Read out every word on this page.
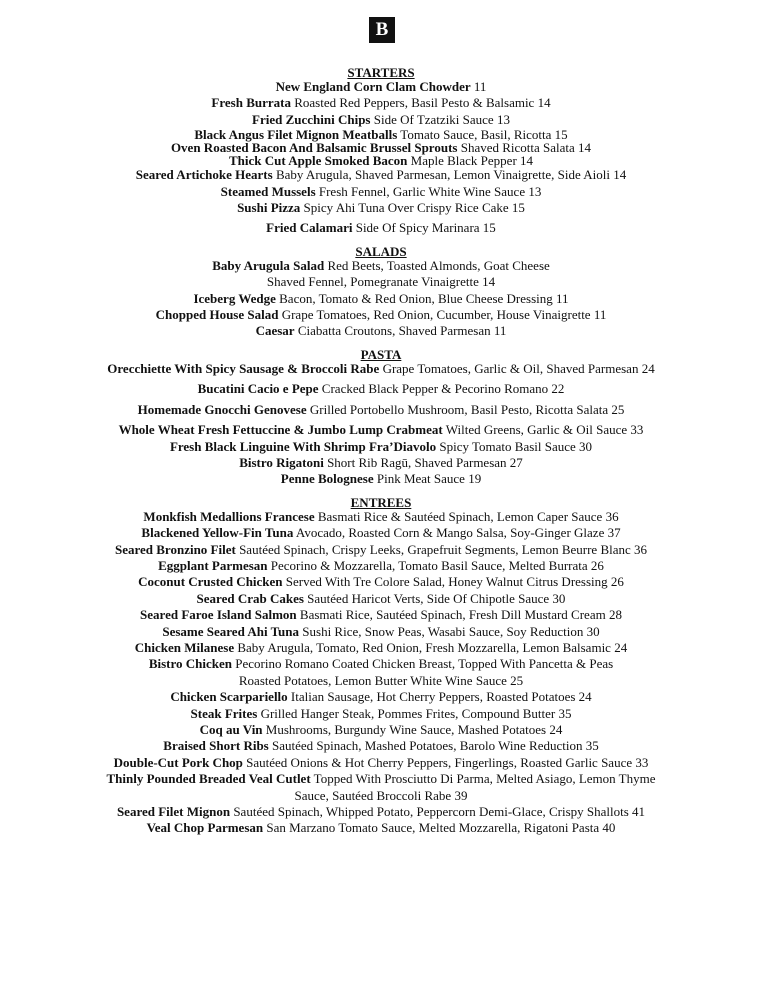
B
STARTERS
New England Corn Clam Chowder 11
Fresh Burrata Roasted Red Peppers, Basil Pesto & Balsamic 14
Fried Zucchini Chips Side Of Tzatziki Sauce 13
Black Angus Filet Mignon Meatballs Tomato Sauce, Basil, Ricotta 15
Oven Roasted Bacon And Balsamic Brussel Sprouts Shaved Ricotta Salata 14
Thick Cut Apple Smoked Bacon Maple Black Pepper 14
Seared Artichoke Hearts Baby Arugula, Shaved Parmesan, Lemon Vinaigrette, Side Aioli 14
Steamed Mussels Fresh Fennel, Garlic White Wine Sauce 13
Sushi Pizza Spicy Ahi Tuna Over Crispy Rice Cake 15
Fried Calamari Side Of Spicy Marinara 15
SALADS
Baby Arugula Salad Red Beets, Toasted Almonds, Goat Cheese
Shaved Fennel, Pomegranate Vinaigrette 14
Iceberg Wedge Bacon, Tomato & Red Onion, Blue Cheese Dressing 11
Chopped House Salad Grape Tomatoes, Red Onion, Cucumber, House Vinaigrette 11
Caesar Ciabatta Croutons, Shaved Parmesan 11
PASTA
Orecchiette With Spicy Sausage & Broccoli Rabe Grape Tomatoes, Garlic & Oil, Shaved Parmesan 24
Bucatini Cacio e Pepe Cracked Black Pepper & Pecorino Romano 22
Homemade Gnocchi Genovese Grilled Portobello Mushroom, Basil Pesto, Ricotta Salata 25
Whole Wheat Fresh Fettuccine & Jumbo Lump Crabmeat Wilted Greens, Garlic & Oil Sauce 33
Fresh Black Linguine With Shrimp Fra’Diavolo Spicy Tomato Basil Sauce 30
Bistro Rigatoni Short Rib Ragū, Shaved Parmesan 27
Penne Bolognese Pink Meat Sauce 19
ENTREES
Monkfish Medallions Francese Basmati Rice & Sautéed Spinach, Lemon Caper Sauce 36
Blackened Yellow-Fin Tuna Avocado, Roasted Corn & Mango Salsa, Soy-Ginger Glaze 37
Seared Bronzino Filet Sautéed Spinach, Crispy Leeks, Grapefruit Segments, Lemon Beurre Blanc 36
Eggplant Parmesan Pecorino & Mozzarella, Tomato Basil Sauce, Melted Burrata 26
Coconut Crusted Chicken Served With Tre Colore Salad, Honey Walnut Citrus Dressing 26
Seared Crab Cakes Sautéed Haricot Verts, Side Of Chipotle Sauce 30
Seared Faroe Island Salmon Basmati Rice, Sautéed Spinach, Fresh Dill Mustard Cream 28
Sesame Seared Ahi Tuna Sushi Rice, Snow Peas, Wasabi Sauce, Soy Reduction 30
Chicken Milanese Baby Arugula, Tomato, Red Onion, Fresh Mozzarella, Lemon Balsamic 24
Bistro Chicken Pecorino Romano Coated Chicken Breast, Topped With Pancetta & Peas
Roasted Potatoes, Lemon Butter White Wine Sauce 25
Chicken Scarpariello Italian Sausage, Hot Cherry Peppers, Roasted Potatoes 24
Steak Frites Grilled Hanger Steak, Pommes Frites, Compound Butter 35
Coq au Vin Mushrooms, Burgundy Wine Sauce, Mashed Potatoes 24
Braised Short Ribs Sautéed Spinach, Mashed Potatoes, Barolo Wine Reduction 35
Double-Cut Pork Chop Sautéed Onions & Hot Cherry Peppers, Fingerlings, Roasted Garlic Sauce 33
Thinly Pounded Breaded Veal Cutlet Topped With Prosciutto Di Parma, Melted Asiago, Lemon Thyme
Sauce, Sautéed Broccoli Rabe 39
Seared Filet Mignon Sautéed Spinach, Whipped Potato, Peppercorn Demi-Glace, Crispy Shallots 41
Veal Chop Parmesan San Marzano Tomato Sauce, Melted Mozzarella, Rigatoni Pasta 40
